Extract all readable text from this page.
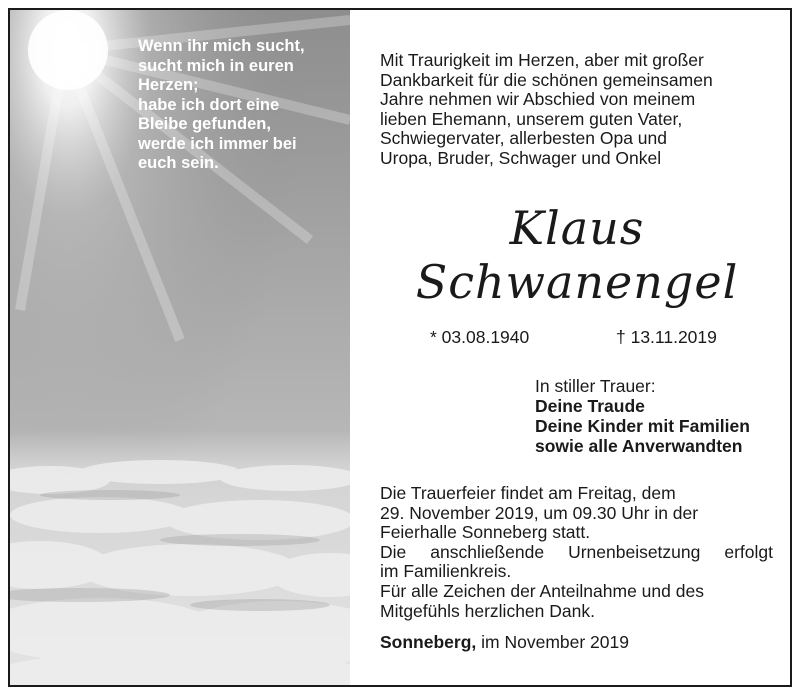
Wenn ihr mich sucht,
sucht mich in euren
Herzen;
habe ich dort eine
Bleibe gefunden,
werde ich immer bei
euch sein.
Mit Traurigkeit im Herzen, aber mit großer
Dankbarkeit für die schönen gemeinsamen
Jahre nehmen wir Abschied von meinem
lieben Ehemann, unserem guten Vater,
Schwiegervater, allerbesten Opa und
Uropa, Bruder, Schwager und Onkel
Klaus
Schwanengel
* 03.08.1940	† 13.11.2019
In stiller Trauer:
Deine Traude
Deine Kinder mit Familien
sowie alle Anverwandten
Die Trauerfeier findet am Freitag, dem
29. November 2019, um 09.30 Uhr in der
Feierhalle Sonneberg statt.
Die anschließende Urnenbeisetzung erfolgt
im Familienkreis.
Für alle Zeichen der Anteilnahme und des
Mitgefühls herzlichen Dank.
Sonneberg, im November 2019
